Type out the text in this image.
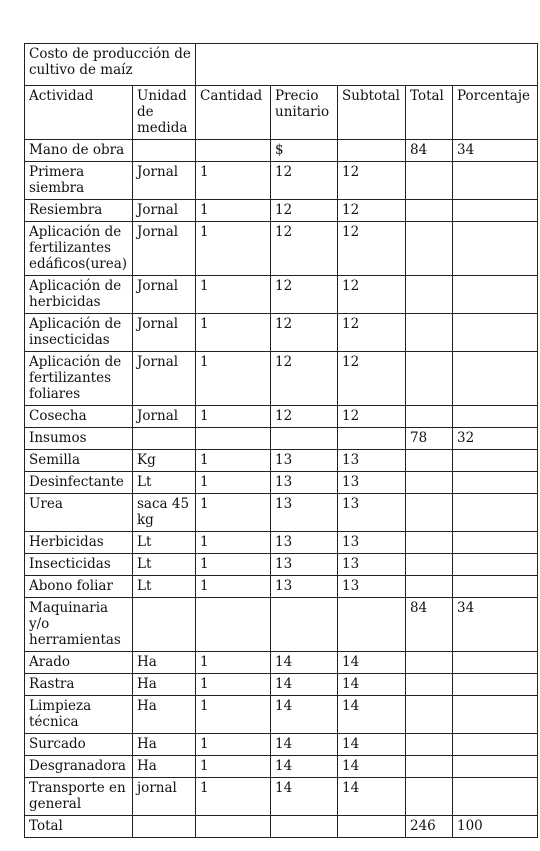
Costo de producción de cultivo de maíz						
Actividad	Unidad de medida	Cantidad	Precio unitario	Subtotal	Total	Porcentaje
Mano de obra			$		84	34
Primera siembra	Jornal	1	12	12		
Resiembra	Jornal	1	12	12		
Aplicación de fertilizantes edáficos(urea)	Jornal	1	12	12		
Aplicación de herbicidas	Jornal	1	12	12		
Aplicación de insecticidas	Jornal	1	12	12		
Aplicación de fertilizantes foliares	Jornal	1	12	12		
Cosecha	Jornal	1	12	12		
Insumos					78	32
Semilla	Kg	1	13	13		
Desinfectante	Lt	1	13	13		
Urea	saca 45 kg	1	13	13		
Herbicidas	Lt	1	13	13		
Insecticidas	Lt	1	13	13		
Abono foliar	Lt	1	13	13		
Maquinaria y/o herramientas					84	34
Arado	Ha	1	14	14		
Rastra	Ha	1	14	14		
Limpieza técnica	Ha	1	14	14		
Surcado	Ha	1	14	14		
Desgranadora	Ha	1	14	14		
Transporte en general	jornal	1	14	14		
Total					246	100
